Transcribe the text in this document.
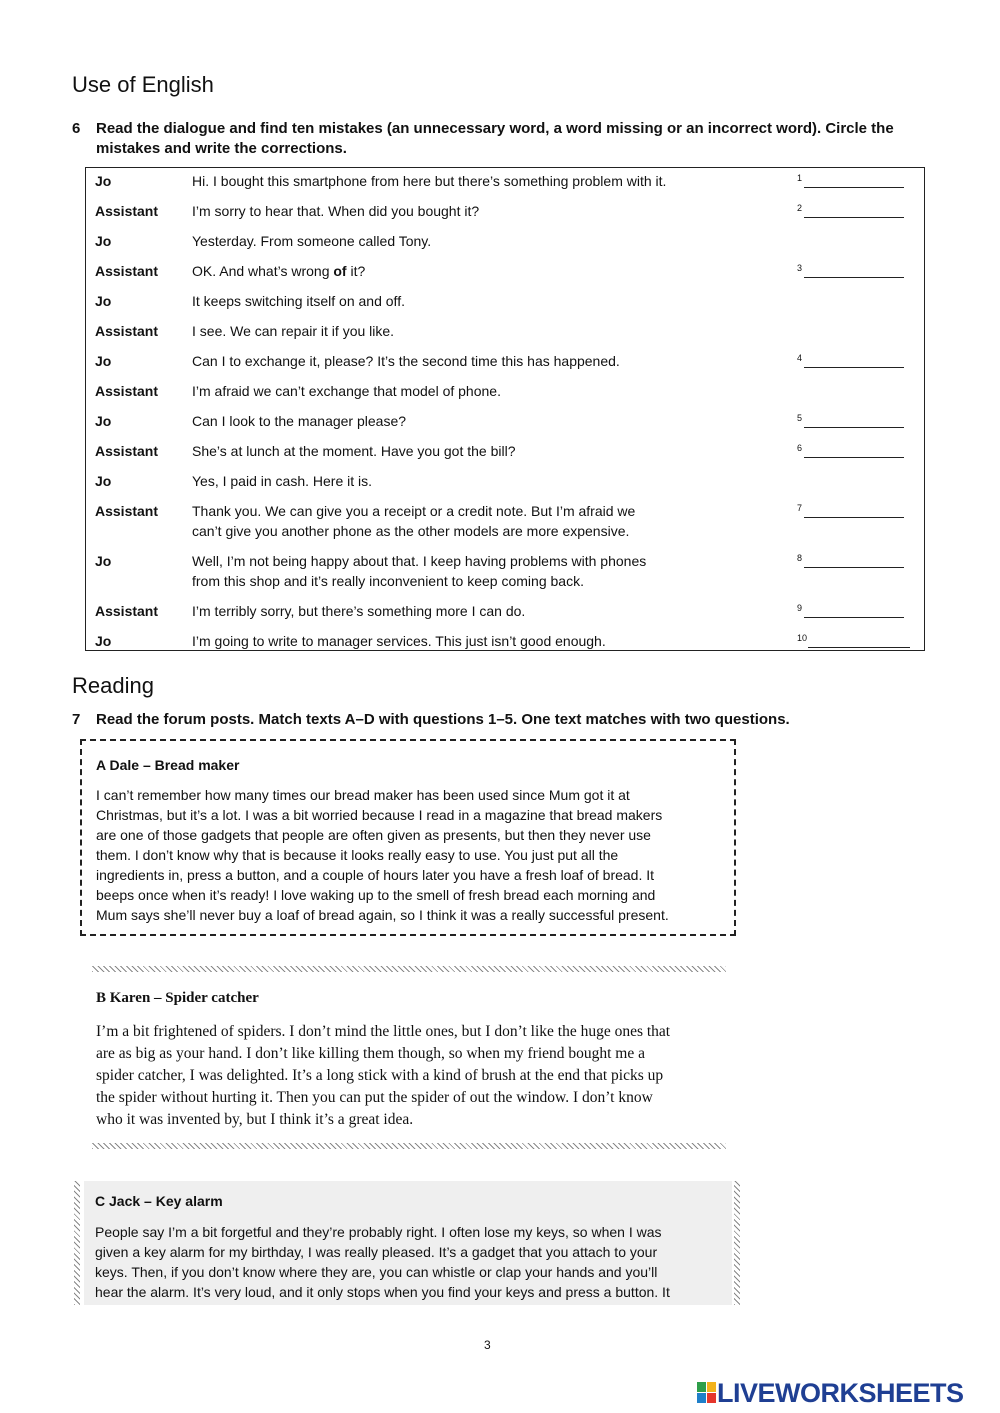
Use of English
6 Read the dialogue and find ten mistakes (an unnecessary word, a word missing or an incorrect word). Circle the mistakes and write the corrections.
Jo	Hi. I bought this smartphone from here but there’s something problem with it.	1
Assistant I’m sorry to hear that. When did you bought it?	2
Jo	Yesterday. From someone called Tony.
Assistant OK. And what’s wrong of it?	3
Jo	It keeps switching itself on and off.
Assistant I see. We can repair it if you like.
Jo	Can I to exchange it, please? It’s the second time this has happened.	4
Assistant I’m afraid we can’t exchange that model of phone.
Jo	Can I look to the manager please?	5
Assistant She’s at lunch at the moment. Have you got the bill?	6
Jo	Yes, I paid in cash. Here it is.
Assistant Thank you. We can give you a receipt or a credit note. But I’m afraid we
can’t give you another phone as the other models are more expensive.
7
Jo	Well, I’m not being happy about that. I keep having problems with phones
from this shop and it’s really inconvenient to keep coming back.
8
Assistant I’m terribly sorry, but there’s something more I can do.	9
Jo	I’m going to write to manager services. This just isn’t good enough.	10
Reading
7 Read the forum posts. Match texts A–D with questions 1–5. One text matches with two questions.
A Dale – Bread maker
I can’t remember how many times our bread maker has been used since Mum got it at
Christmas, but it’s a lot. I was a bit worried because I read in a magazine that bread makers
are one of those gadgets that people are often given as presents, but then they never use
them. I don’t know why that is because it looks really easy to use. You just put all the
ingredients in, press a button, and a couple of hours later you have a fresh loaf of bread. It
beeps once when it’s ready! I love waking up to the smell of fresh bread each morning and
Mum says she’ll never buy a loaf of bread again, so I think it was a really successful present.
B Karen – Spider catcher
I’m a bit frightened of spiders. I don’t mind the little ones, but I don’t like the huge ones that
are as big as your hand. I don’t like killing them though, so when my friend bought me a
spider catcher, I was delighted. It’s a long stick with a kind of brush at the end that picks up
the spider without hurting it. Then you can put the spider of out the window. I don’t know
who it was invented by, but I think it’s a great idea.
C Jack – Key alarm
People say I’m a bit forgetful and they’re probably right. I often lose my keys, so when I was
given a key alarm for my birthday, I was really pleased. It’s a gadget that you attach to your
keys. Then, if you don’t know where they are, you can whistle or clap your hands and you’ll
hear the alarm. It’s very loud, and it only stops when you find your keys and press a button. It
3
LIVEWORKSHEETS
